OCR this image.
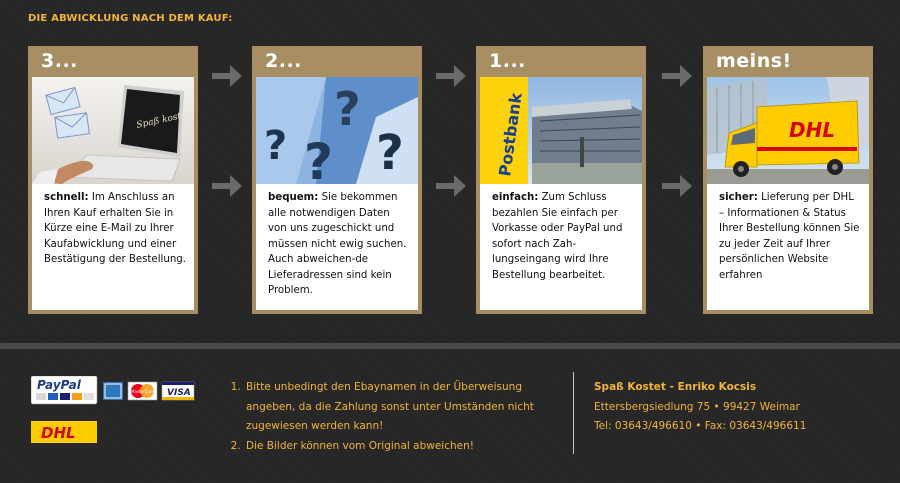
DIE ABWICKLUNG NACH DEM KAUF:
3...
Spaß kostet
schnell: Im Anschluss an Ihren Kauf erhalten Sie in Kürze eine E-Mail zu Ihrer Kaufabwicklung und einer Bestätigung der Bestellung.
2...
?
? ? ?
bequem: Sie bekommen alle notwendigen Daten von uns zugeschickt und müssen nicht ewig suchen. Auch abweichen-de Lieferadressen sind kein Problem.
1...
Postbank
einfach: Zum Schluss bezahlen Sie einfach per Vorkasse oder PayPal und sofort nach Zah-lungseingang wird Ihre Bestellung bearbeitet.
meins!
DHL
sicher: Lieferung per DHL – Informationen & Status Ihrer Bestellung können Sie zu jeder Zeit auf Ihrer persönlichen Website erfahren
PayPal	MasterCard VISA
DHL
1. Bitte unbedingt den Ebaynamen in der Überweisung angeben, da die Zahlung sonst unter Umständen nicht zugewiesen werden kann!
2. Die Bilder können vom Original abweichen!
Spaß Kostet - Enriko Kocsis
Ettersbergsiedlung 75 • 99427 Weimar
Tel: 03643/496610 • Fax: 03643/496611
